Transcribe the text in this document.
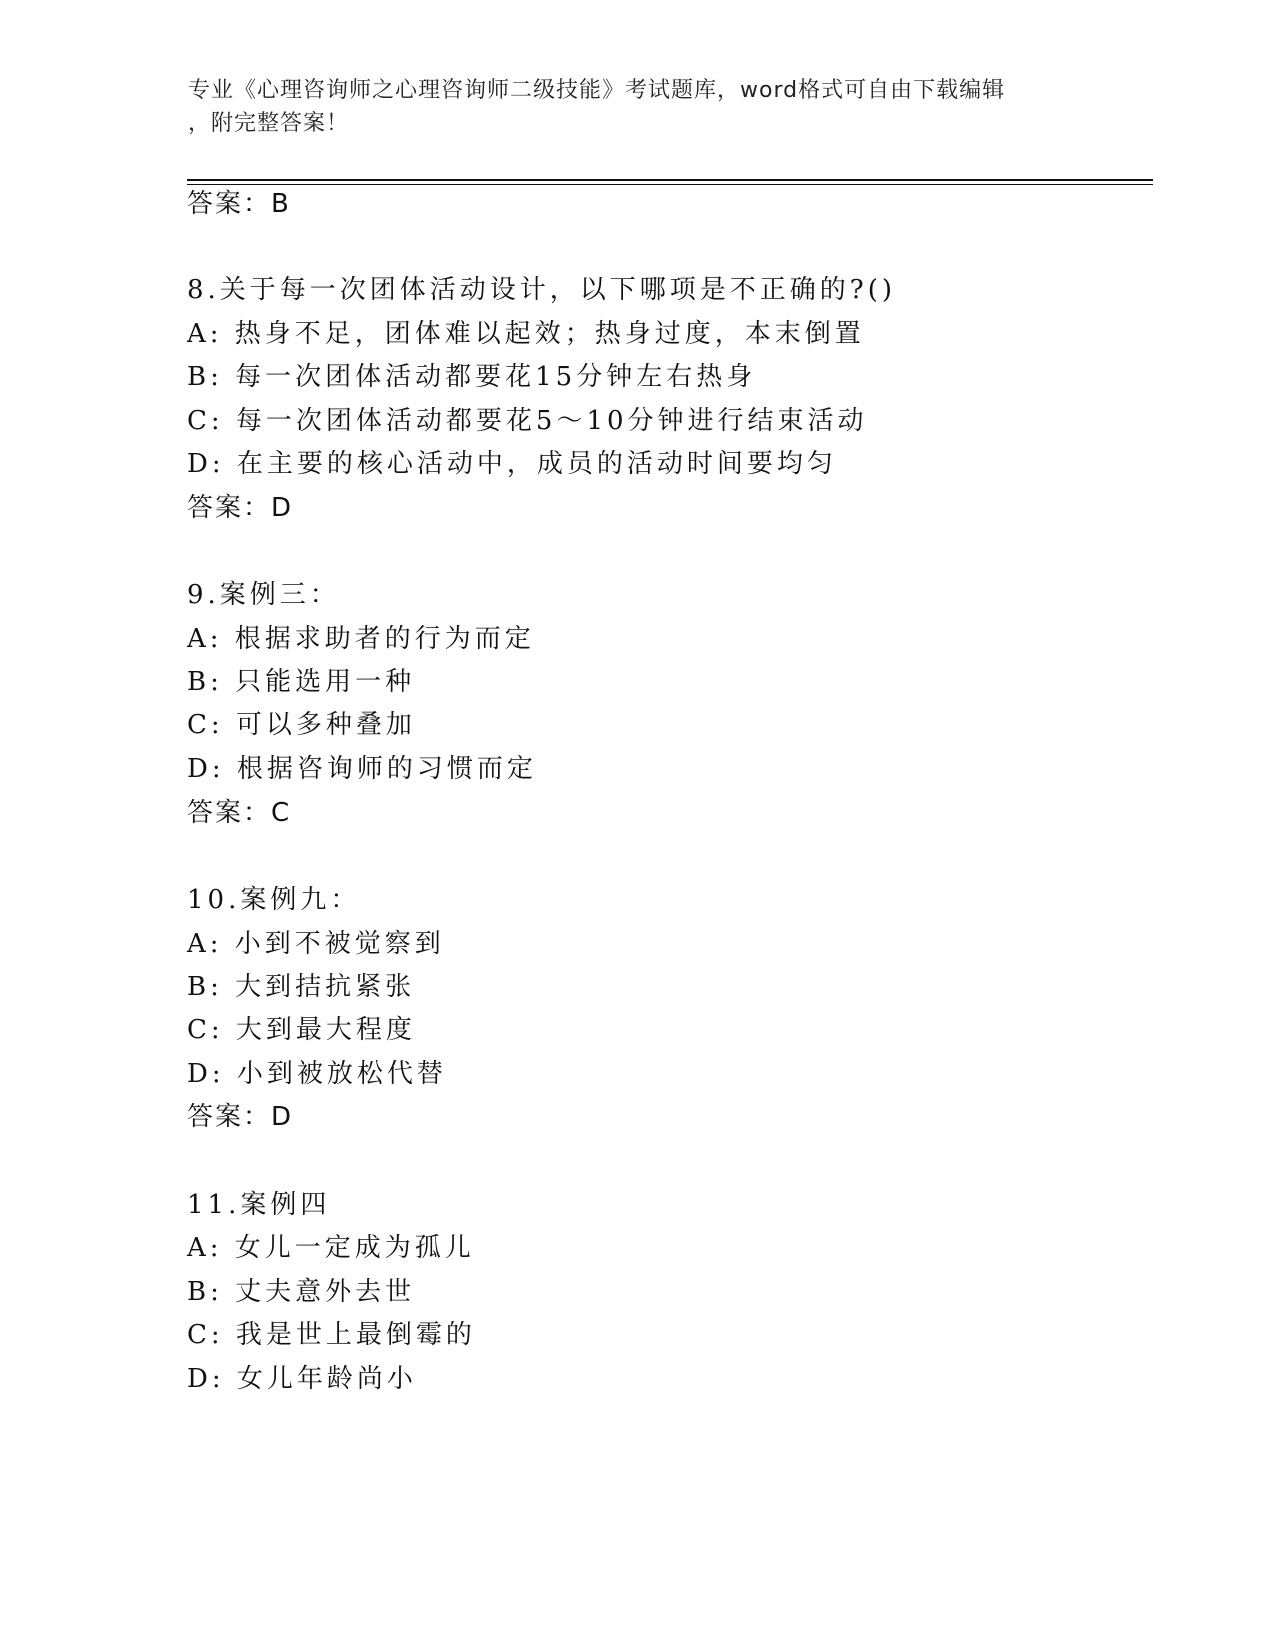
专业《心理咨询师之心理咨询师二级技能》考试题库，word格式可自由下载编辑
，附完整答案！
答案：B
8.关于每一次团体活动设计，以下哪项是不正确的?()
A: 热身不足，团体难以起效；热身过度，本末倒置
B: 每一次团体活动都要花15分钟左右热身
C: 每一次团体活动都要花5～10分钟进行结束活动
D: 在主要的核心活动中，成员的活动时间要均匀
答案：D
9.案例三：
A: 根据求助者的行为而定
B: 只能选用一种
C: 可以多种叠加
D: 根据咨询师的习惯而定
答案：C
10.案例九：
A: 小到不被觉察到
B: 大到拮抗紧张
C: 大到最大程度
D: 小到被放松代替
答案：D
11.案例四
A: 女儿一定成为孤儿
B: 丈夫意外去世
C: 我是世上最倒霉的
D: 女儿年龄尚小
